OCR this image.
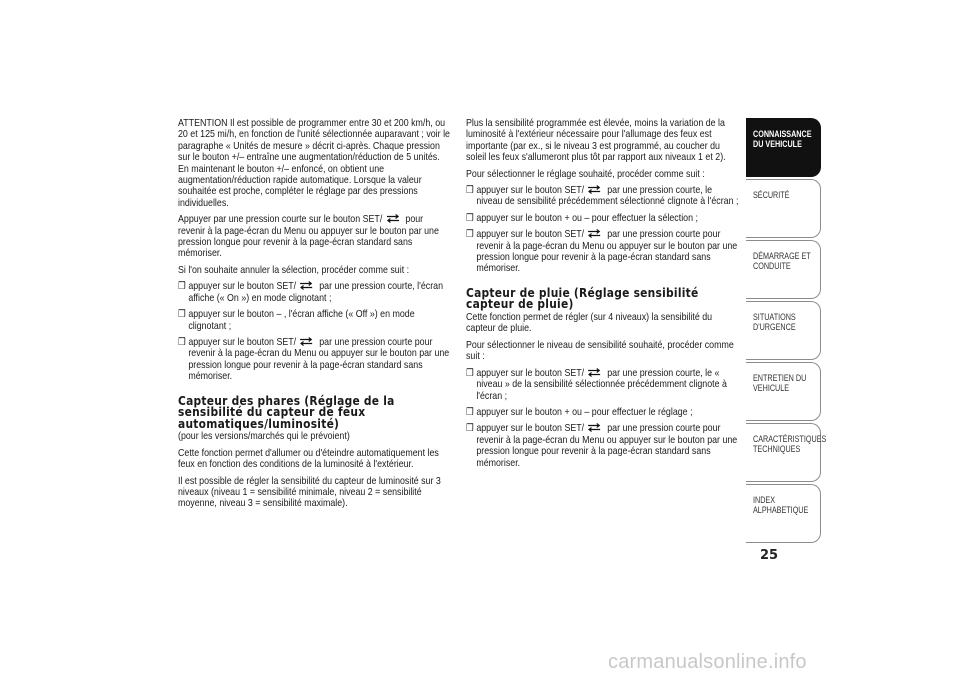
ATTENTION Il est possible de programmer entre 30 et 200 km/h, ou 20 et 125 mi/h, en fonction de l'unité sélectionnée auparavant ; voir le paragraphe « Unités de mesure » décrit ci-après. Chaque pression sur le bouton +/– entraîne une augmentation/réduction de 5 unités. En maintenant le bouton +/– enfoncé, on obtient une augmentation/réduction rapide automatique. Lorsque la valeur souhaitée est proche, compléter le réglage par des pressions individuelles.

Appuyer par une pression courte sur le bouton SET/ pour revenir à la page-écran du Menu ou appuyer sur le bouton par une pression longue pour revenir à la page-écran standard sans mémoriser.

Si l'on souhaite annuler la sélection, procéder comme suit :

❒ appuyer sur le bouton SET/ par une pression courte, l'écran affiche (« On ») en mode clignotant ;
❒ appuyer sur le bouton – , l'écran affiche (« Off ») en mode clignotant ;
❒ appuyer sur le bouton SET/ par une pression courte pour revenir à la page-écran du Menu ou appuyer sur le bouton par une pression longue pour revenir à la page-écran standard sans mémoriser.
Capteur des phares (Réglage de la sensibilité du capteur de feux automatiques/luminosité)

(pour les versions/marchés qui le prévoient)

Cette fonction permet d'allumer ou d'éteindre automatiquement les feux en fonction des conditions de la luminosité à l'extérieur.

Il est possible de régler la sensibilité du capteur de luminosité sur 3 niveaux (niveau 1 = sensibilité minimale, niveau 2 = sensibilité moyenne, niveau 3 = sensibilité maximale).

Plus la sensibilité programmée est élevée, moins la variation de la luminosité à l'extérieur nécessaire pour l'allumage des feux est importante (par ex., si le niveau 3 est programmé, au coucher du soleil les feux s'allumeront plus tôt par rapport aux niveaux 1 et 2).

Pour sélectionner le réglage souhaité, procéder comme suit :

❒ appuyer sur le bouton SET/ par une pression courte, le niveau de sensibilité précédemment sélectionné clignote à l'écran ;
❒ appuyer sur le bouton + ou – pour effectuer la sélection ;
❒ appuyer sur le bouton SET/ par une pression courte pour revenir à la page-écran du Menu ou appuyer sur le bouton par une pression longue pour revenir à la page-écran standard sans mémoriser.
Capteur de pluie (Réglage sensibilité capteur de pluie)

Cette fonction permet de régler (sur 4 niveaux) la sensibilité du capteur de pluie.

Pour sélectionner le niveau de sensibilité souhaité, procéder comme suit :

❒ appuyer sur le bouton SET/ par une pression courte, le « niveau » de la sensibilité sélectionnée précédemment clignote à l'écran ;
❒ appuyer sur le bouton + ou – pour effectuer le réglage ;
❒ appuyer sur le bouton SET/ par une pression courte pour revenir à la page-écran du Menu ou appuyer sur le bouton par une pression longue pour revenir à la page-écran standard sans mémoriser.
CONNAISSANCE DU VEHICULE
SÉCURITÉ
DÉMARRAGE ET CONDUITE
SITUATIONS D'URGENCE
ENTRETIEN DU VEHICULE
CARACTÉRISTIQUES TECHNIQUES
INDEX ALPHABETIQUE
25
carmanualsonline.info
